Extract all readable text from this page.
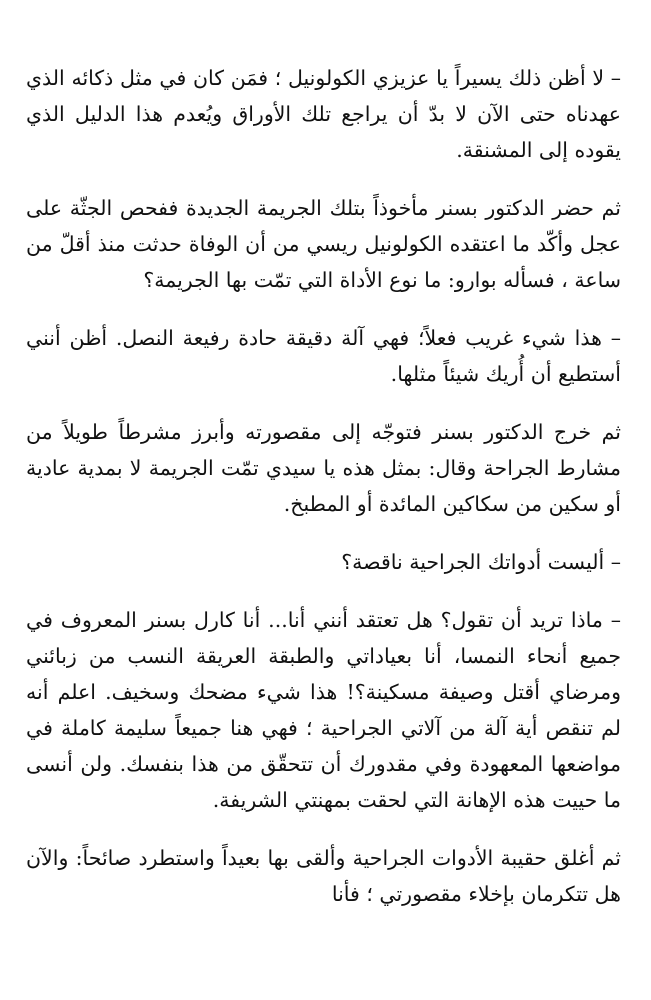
– لا أظن ذلك يسيراً يا عزيزي الكولونيل ؛ فمَن كان في مثل ذكائه الذي عهدناه حتى الآن لا بدّ أن يراجع تلك الأوراق ويُعدم هذا الدليل الذي يقوده إلى المشنقة.

ثم حضر الدكتور بسنر مأخوذاً بتلك الجريمة الجديدة ففحص الجثّة على عجل وأكّد ما اعتقده الكولونيل ريسي من أن الوفاة حدثت منذ أقلّ من ساعة ، فسأله بوارو: ما نوع الأداة التي تمّت بها الجريمة؟

– هذا شيء غريب فعلاً؛ فهي آلة دقيقة حادة رفيعة النصل. أظن أنني أستطيع أن أُريك شيئاً مثلها.

ثم خرج الدكتور بسنر فتوجّه إلى مقصورته وأبرز مشرطاً طويلاً من مشارط الجراحة وقال: بمثل هذه يا سيدي تمّت الجريمة لا بمدية عادية أو سكين من سكاكين المائدة أو المطبخ.

– أليست أدواتك الجراحية ناقصة؟

– ماذا تريد أن تقول؟ هل تعتقد أنني أنا... أنا كارل بسنر المعروف في جميع أنحاء النمسا، أنا بعياداتي والطبقة العريقة النسب من زبائني ومرضاي أقتل وصيفة مسكينة؟! هذا شيء مضحك وسخيف. اعلم أنه لم تنقص أية آلة من آلاتي الجراحية ؛ فهي هنا جميعاً سليمة كاملة في مواضعها المعهودة وفي مقدورك أن تتحقّق من هذا بنفسك. ولن أنسى ما حييت هذه الإهانة التي لحقت بمهنتي الشريفة.

ثم أغلق حقيبة الأدوات الجراحية وألقى بها بعيداً واستطرد صائحاً: والآن هل تتكرمان بإخلاء مقصورتي ؛ فأنا
